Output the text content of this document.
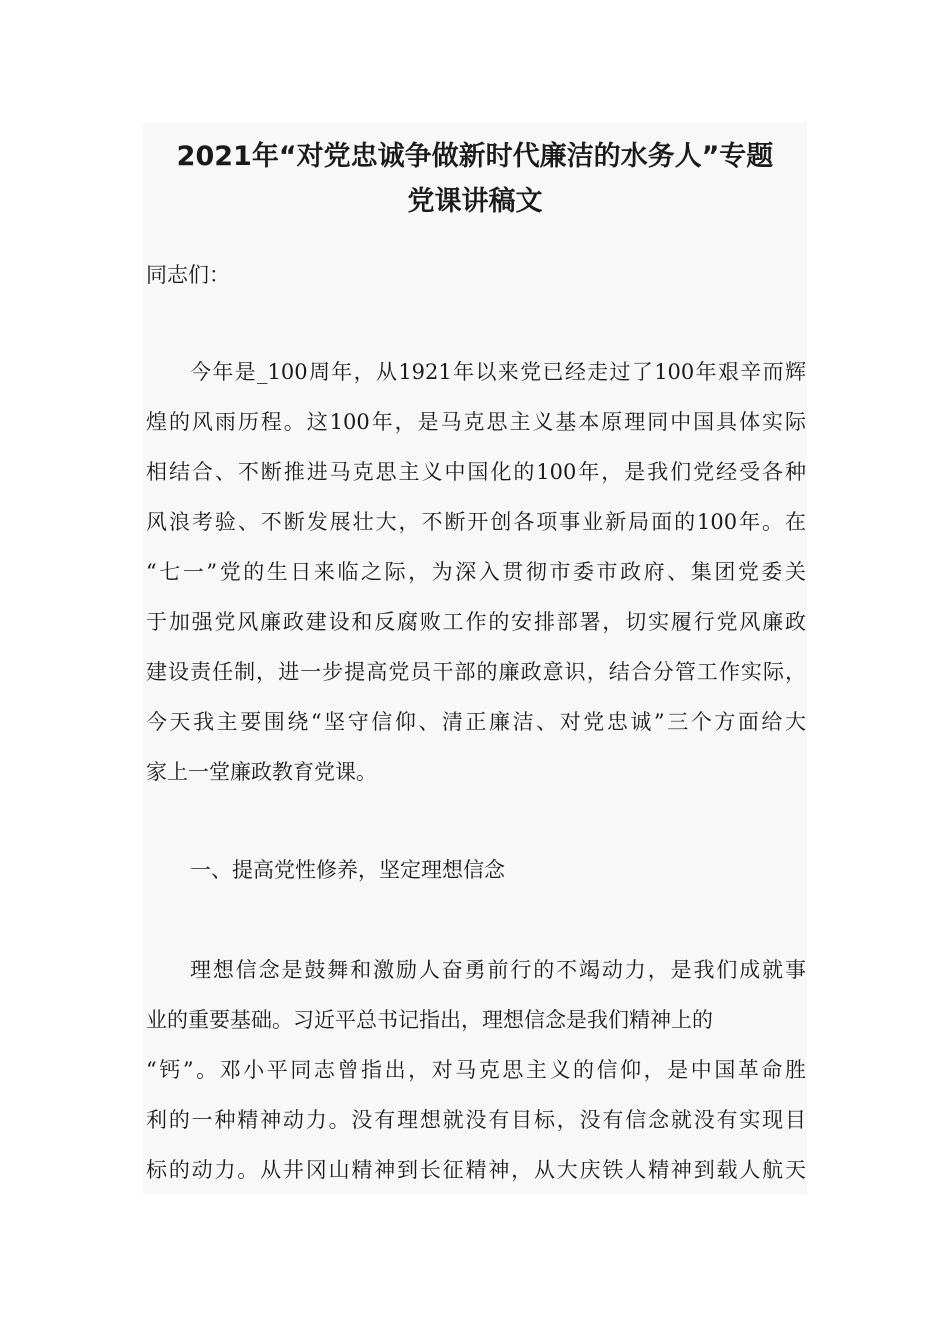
2021年“对党忠诚争做新时代廉洁的水务人”专题
党课讲稿文

同志们：

今年是_100周年，从1921年以来党已经走过了100年艰辛而辉

煌的风雨历程。这100年，是马克思主义基本原理同中国具体实际

相结合、不断推进马克思主义中国化的100年，是我们党经受各种

风浪考验、不断发展壮大，不断开创各项事业新局面的100年。在

“七一”党的生日来临之际，为深入贯彻市委市政府、集团党委关

于加强党风廉政建设和反腐败工作的安排部署，切实履行党风廉政

建设责任制，进一步提高党员干部的廉政意识，结合分管工作实际，

今天我主要围绕“坚守信仰、清正廉洁、对党忠诚”三个方面给大

家上一堂廉政教育党课。

一、提高党性修养，坚定理想信念

理想信念是鼓舞和激励人奋勇前行的不竭动力，是我们成就事

业的重要基础。习近平总书记指出，理想信念是我们精神上的

“钙”。邓小平同志曾指出，对马克思主义的信仰，是中国革命胜

利的一种精神动力。没有理想就没有目标，没有信念就没有实现目

标的动力。从井冈山精神到长征精神，从大庆铁人精神到载人航天
